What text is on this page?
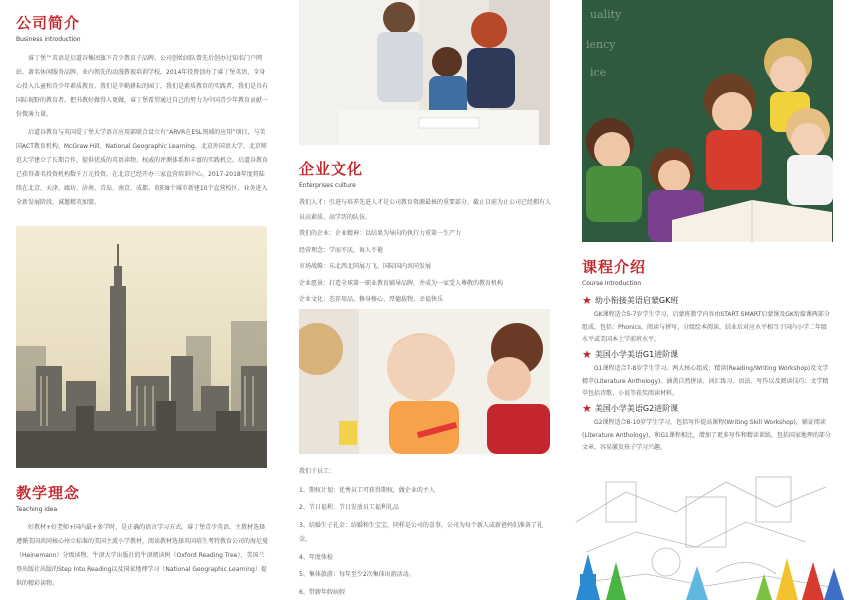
公司简介
Business introduction

睿丁堡™英语是启道谷集团旗下青少教育子品牌。公司创始团队曾先后创办过知名门户网站、著名休闲服务品牌，业内领先的动漫教视培训学校，2014年投资创办了睿丁堡英语，全身心投入儿童和青少年素质教育。我们是辛勤耕耘的园丁，我们是素质教育的实践者，我们是具有国际视野的教育者。把书教好做得人更做，睿丁堡希望通过自己的努力为中国青少年教育贡献一份微薄力量。

启道谷教育与英国爱丁堡大学语言应用部联合设立有“ARVR在ESL领域的应用”项目，与美国ACT教育机构、McGraw Hill、National Geographic Learning、北京外国语大学、北京师范大学建立了长期合作，提供优质的英语读物、权威的评测体系和丰富的实践机会。启道谷教育已获得著名投资机构数千万元投资，在北京已经开办三家直营培训中心，2017-2018年度将陆续在北京、天津、廊坊、济南、青岛、南京、成都、贵阳8个城市新建10个直营校区，业务进入全新发展阶段，诚邀精英加盟。

教学理念
Teaching idea

好教材+好老师+国内最+多学时，是正确的语言学习方式。睿丁堡青少英语，主教材选择遵循美国共同核心州立标准的美国主流小学教材，阅读教材选择英国培生考特教育公司的海尼曼（Heinemann）分级读物、牛津大学出版社的牛津阅读树（Oxford Reading Tree）、美国兰登出版社出版的Step Into Reading以及国家地理学习（National Geographic Learning）提供的精彩读物。

企业文化
Enterprises culture
我们人才：引进与培养先进人才是公司教育资源最核的重要部分，截止目前为止公司已经拥有人员高素质、高学历的队伍。
我们的企业：企业精神：以结果为导向的执行力重第一生产力
经营理念：学而不厌，诲人不倦
市场战略：东北西北同展万飞，国际国内共同发展
企业愿景：打造全球第一职业教育辅导品牌，并成为一家受人尊敬的教育机构
企业文化：态存用品、修身修心、厚德载物、幸福快乐
我们于员工：
1、期权计划：优秀员工可获得期权，做企业的主人
2、节日福利：节日发放员工福利礼品
3、结婚生子礼金：结婚和生宝宝，同样是公司的喜事，公司为每个新人或新爸妈们准备了礼金。
4、年度体检
5、集体旅游：每年至少2次集体出游活动。
6、带薪年假病假
uality
iency
ice
课程介绍
Course introduction
★ 幼小衔接美语启蒙GK班
GK课程适合5-7岁学生学习，启蒙班教学内容由START SMART启蒙课及GK衔接课两部分组成，包括：Phonics、阅读与拼写、分级绘本阅读，结业后对应水平相当于国内小学二年级水平或美国本土学前班水平。
★ 美国小学美语G1进阶课
G1课程适合7-8岁学生学习。两大核心组成：精读(Reading/Writing Workshop)及文学精萃(Literature Anthology)。涵盖自然拼读、词汇练习、语法、写作以及阅读技巧；文学精萃包括诗歌、小说等获奖阅读材料。
★ 美国小学美语G2进阶课
G2课程适合8-10岁学生学习，包括写作提高课程(Writing Skill Workshop)，辅证阅读(Literature Anthology)，和G1课程相比，增加了更多写作和精读训练，包括国家地理的部分文章，容易激发孩子学习兴趣。
